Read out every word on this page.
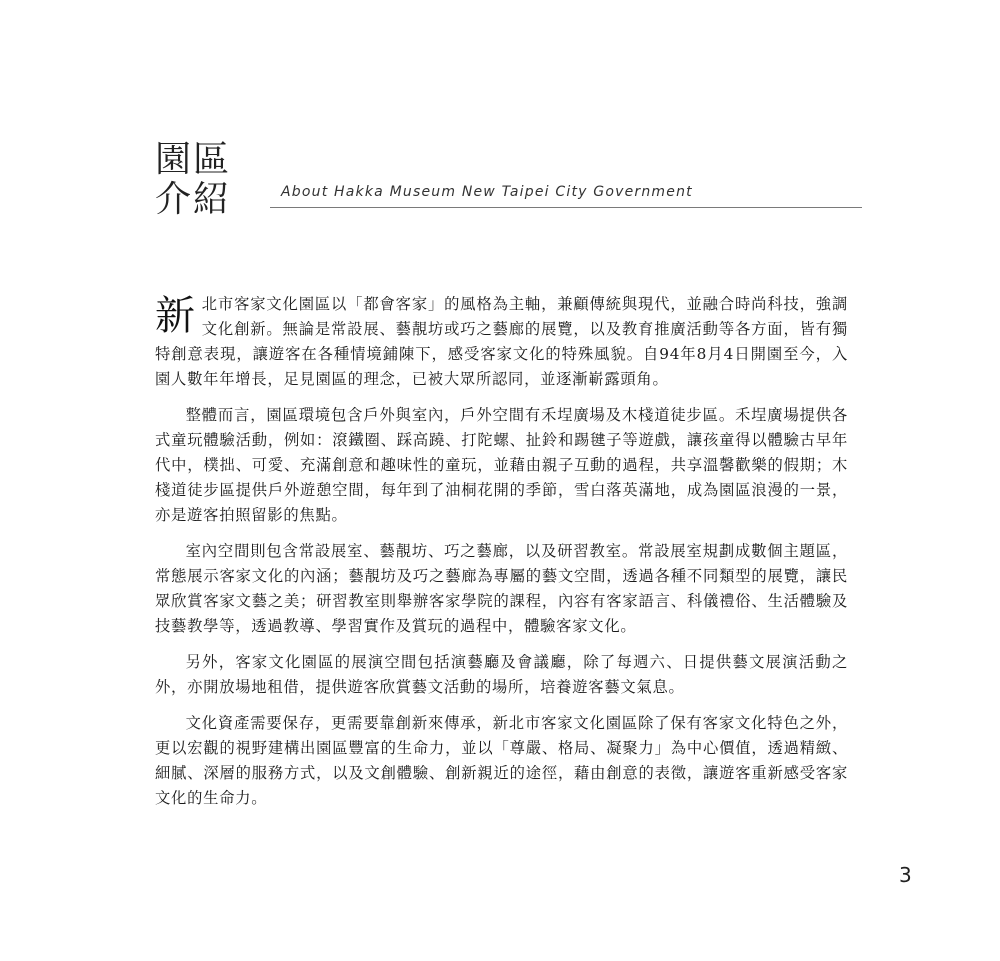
園區
介紹	About Hakka Museum New Taipei City Government

新北市客家文化園區以「都會客家」的風格為主軸，兼顧傳統與現代，並融合時尚科技，強調文化創新。無論是常設展、藝靚坊或巧之藝廊的展覽，以及教育推廣活動等各方面，皆有獨特創意表現，讓遊客在各種情境鋪陳下，感受客家文化的特殊風貌。自94年8月4日開園至今，入園人數年年增長，足見園區的理念，已被大眾所認同，並逐漸嶄露頭角。

整體而言，園區環境包含戶外與室內，戶外空間有禾埕廣場及木棧道徒步區。禾埕廣場提供各式童玩體驗活動，例如：滾鐵圈、踩高蹺、打陀螺、扯鈴和踢毽子等遊戲，讓孩童得以體驗古早年代中，樸拙、可愛、充滿創意和趣味性的童玩，並藉由親子互動的過程，共享溫馨歡樂的假期；木棧道徒步區提供戶外遊憩空間，每年到了油桐花開的季節，雪白落英滿地，成為園區浪漫的一景，亦是遊客拍照留影的焦點。

室內空間則包含常設展室、藝靚坊、巧之藝廊，以及研習教室。常設展室規劃成數個主題區，常態展示客家文化的內涵；藝靚坊及巧之藝廊為專屬的藝文空間，透過各種不同類型的展覽，讓民眾欣賞客家文藝之美；研習教室則舉辦客家學院的課程，內容有客家語言、科儀禮俗、生活體驗及技藝教學等，透過教導、學習實作及賞玩的過程中，體驗客家文化。

另外，客家文化園區的展演空間包括演藝廳及會議廳，除了每週六、日提供藝文展演活動之外，亦開放場地租借，提供遊客欣賞藝文活動的場所，培養遊客藝文氣息。

文化資產需要保存，更需要靠創新來傳承，新北市客家文化園區除了保有客家文化特色之外，更以宏觀的視野建構出園區豐富的生命力，並以「尊嚴、格局、凝聚力」為中心價值，透過精緻、細膩、深層的服務方式，以及文創體驗、創新親近的途徑，藉由創意的表徵，讓遊客重新感受客家文化的生命力。

3
